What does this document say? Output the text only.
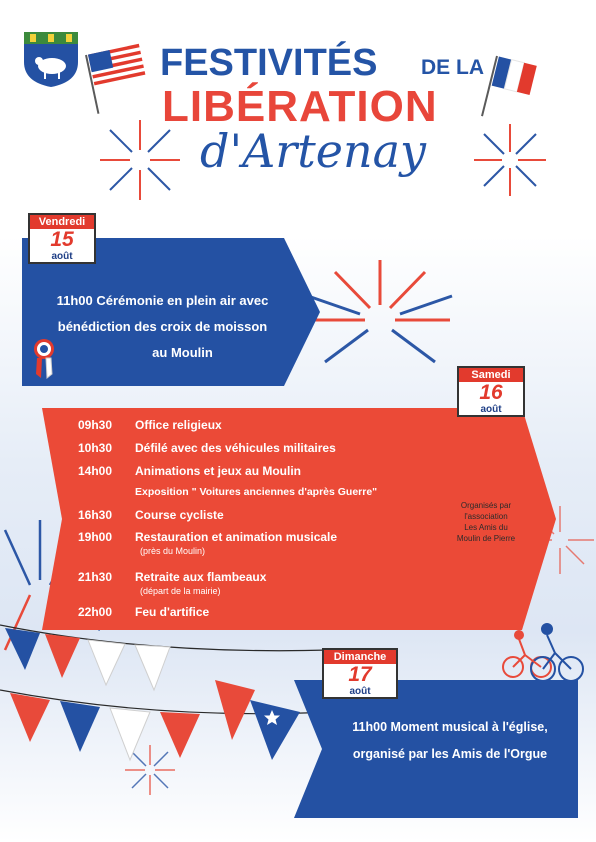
FESTIVITÉS DE LA
LIBÉRATION
d'Artenay
Vendredi
15
août
11h00 Cérémonie en plein air avec
bénédiction des croix de moisson
au Moulin
Samedi
16
août
09h30 Office religieux
10h30 Défilé avec des véhicules militaires
14h00 Animations et jeux au Moulin
Exposition " Voitures anciennes d'après Guerre"
16h30 Course cycliste
19h00 Restauration et animation musicale
(près du Moulin)
21h30 Retraite aux flambeaux
(départ de la mairie)
22h00 Feu d'artifice
Organisés par
l'association
Les Amis du
Moulin de Pierre
Dimanche
17
août
11h00 Moment musical à l'église,
organisé par les Amis de l'Orgue
